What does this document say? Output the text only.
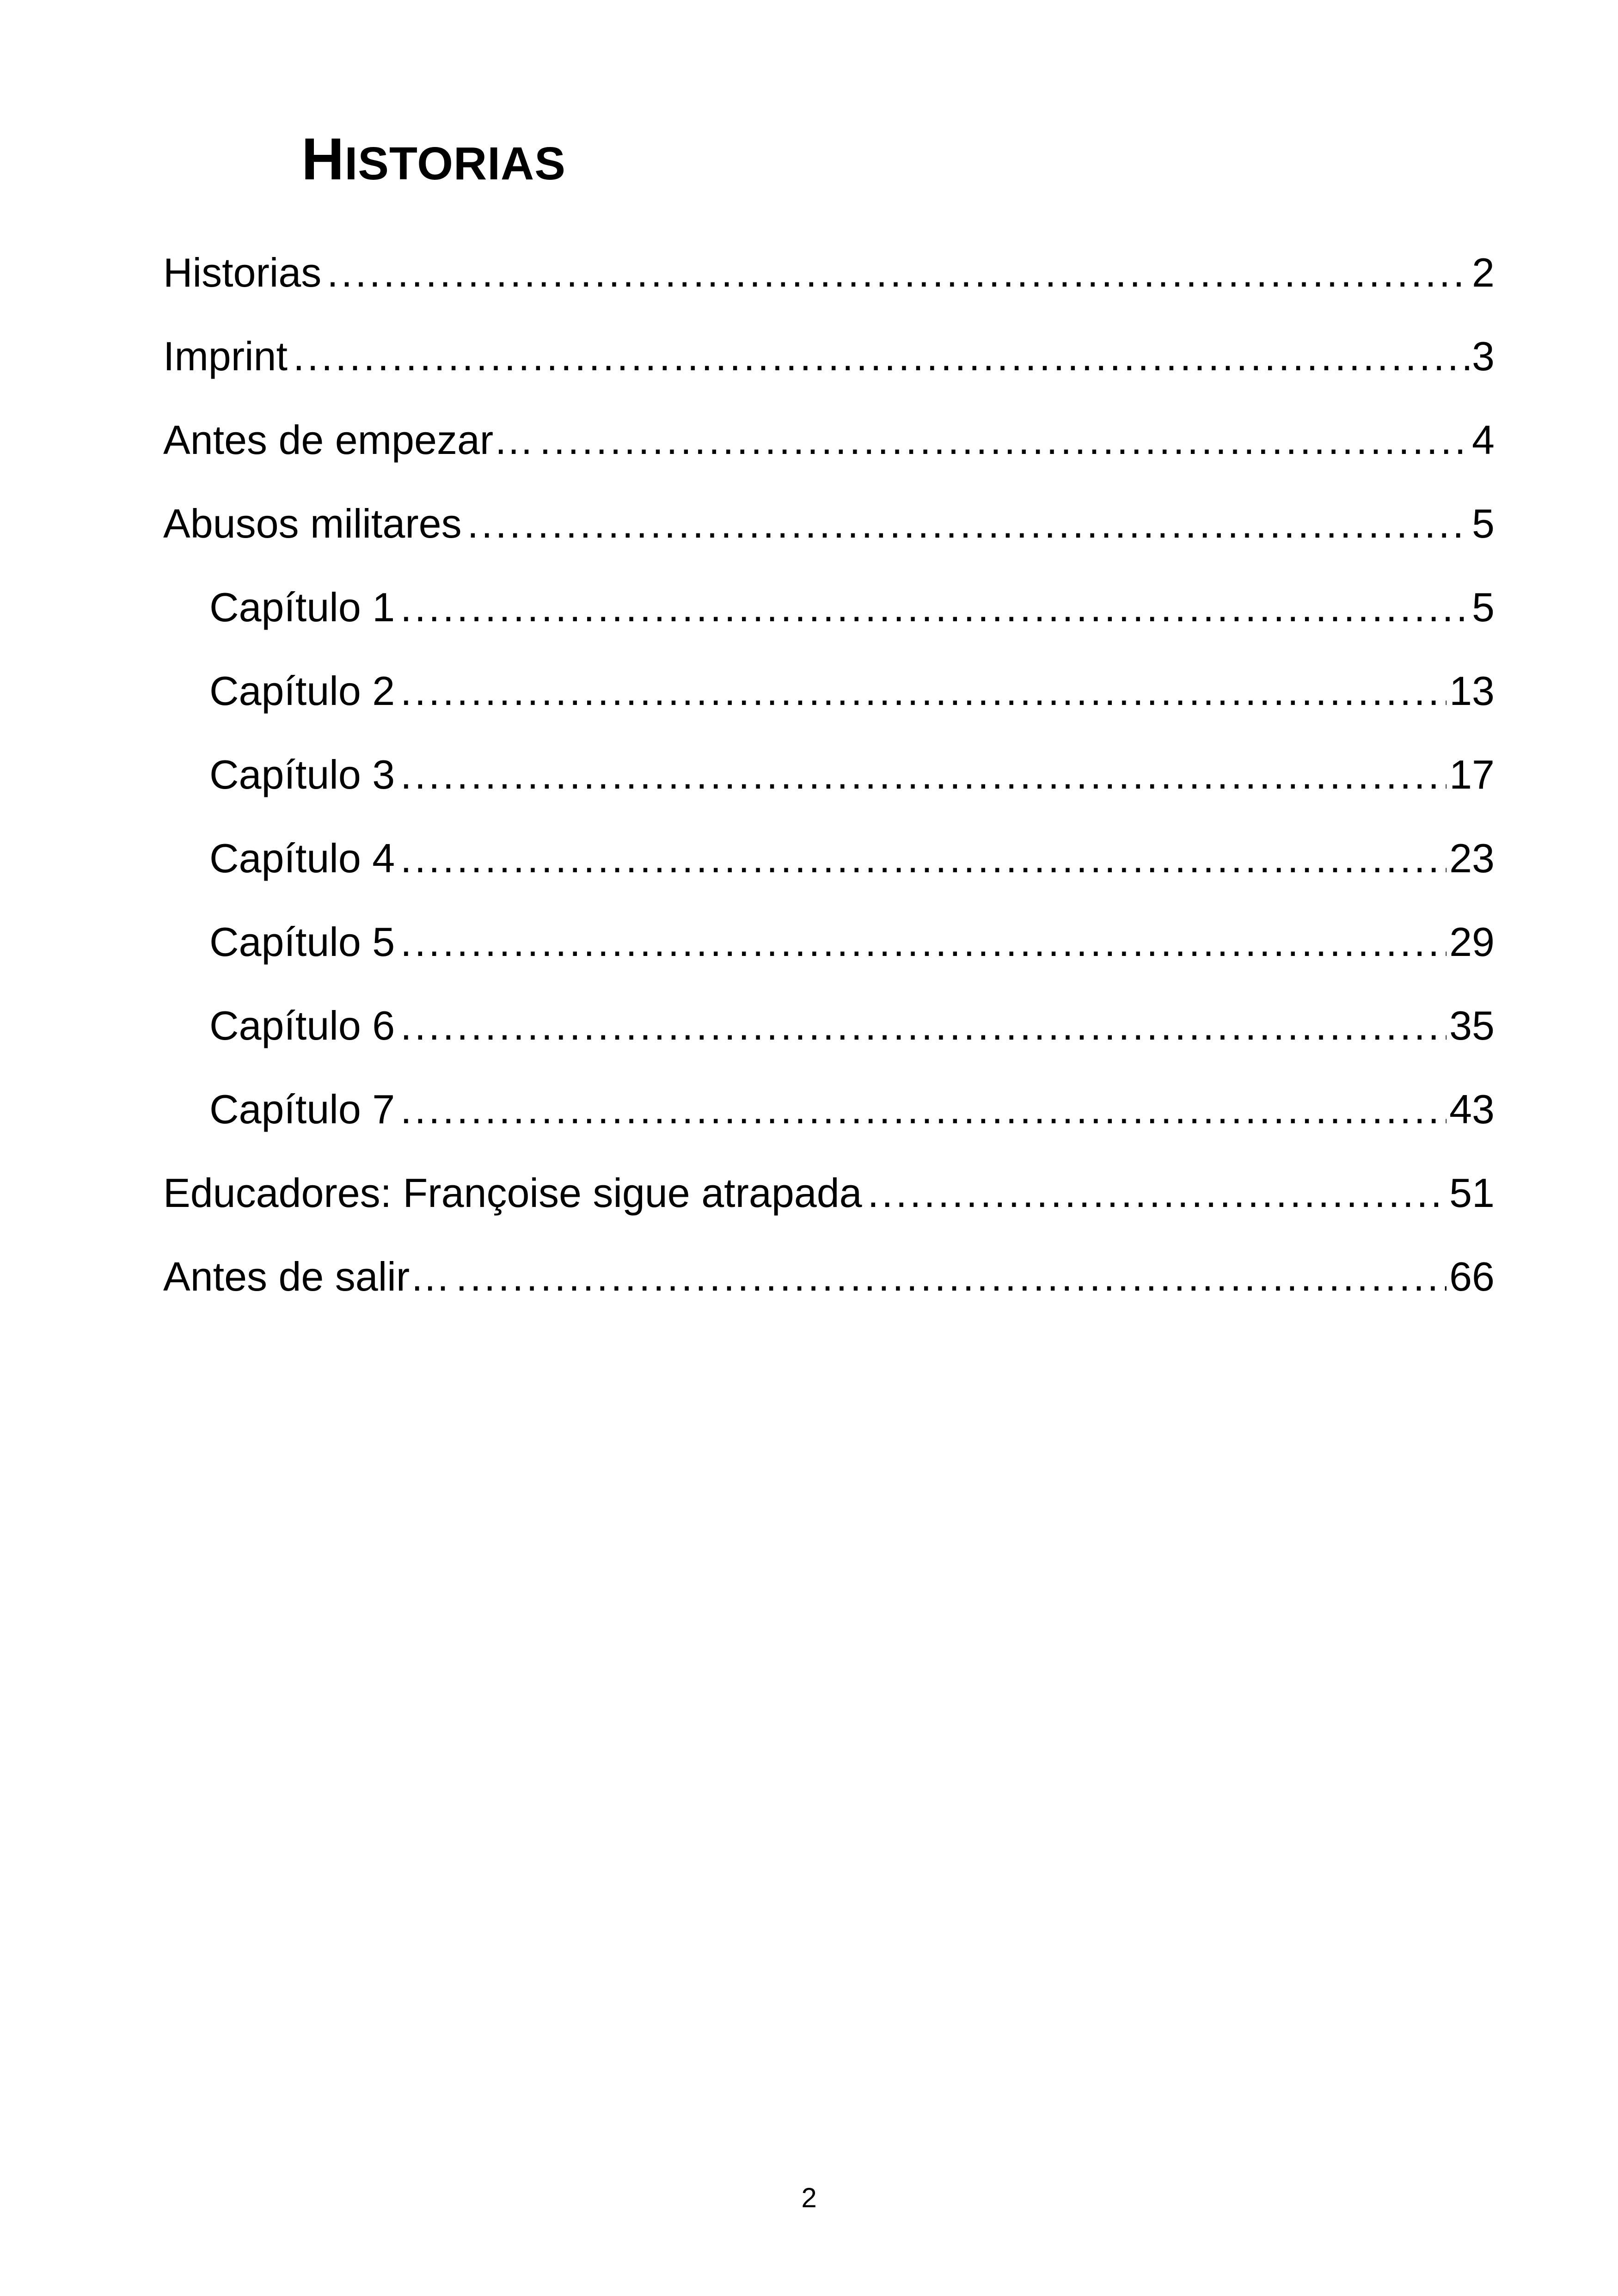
HISTORIAS
Historias .....	2
Imprint .....	3
Antes de empezar… .....	4
Abusos militares .....	5
Capítulo 1 .....	5
Capítulo 2 .....	13
Capítulo 3 .....	17
Capítulo 4 .....	23
Capítulo 5 .....	29
Capítulo 6 .....	35
Capítulo 7 .....	43
Educadores: Françoise sigue atrapada .....	51
Antes de salir… .....	66
2
